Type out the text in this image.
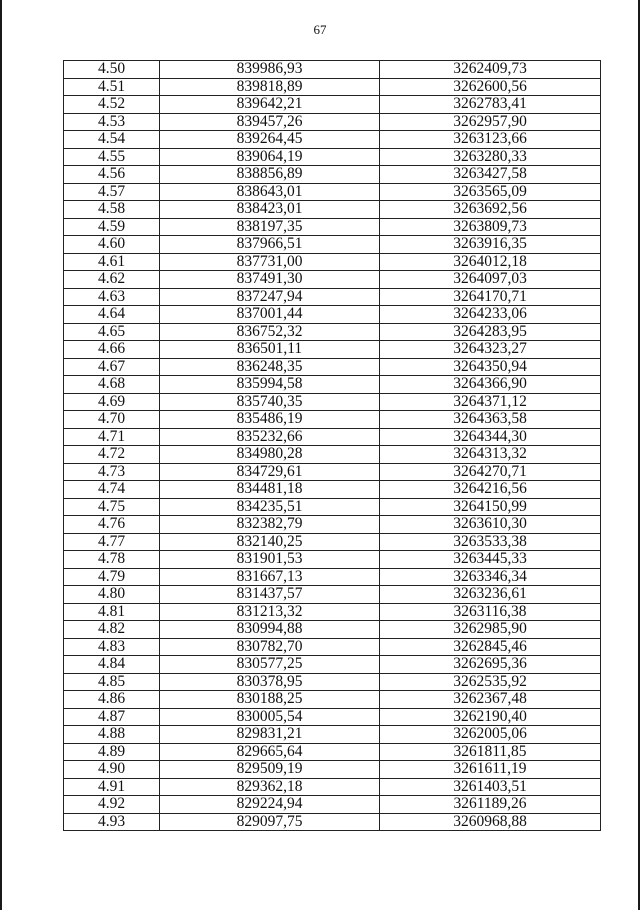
67
4.50	839986,93	3262409,73
4.51	839818,89	3262600,56
4.52	839642,21	3262783,41
4.53	839457,26	3262957,90
4.54	839264,45	3263123,66
4.55	839064,19	3263280,33
4.56	838856,89	3263427,58
4.57	838643,01	3263565,09
4.58	838423,01	3263692,56
4.59	838197,35	3263809,73
4.60	837966,51	3263916,35
4.61	837731,00	3264012,18
4.62	837491,30	3264097,03
4.63	837247,94	3264170,71
4.64	837001,44	3264233,06
4.65	836752,32	3264283,95
4.66	836501,11	3264323,27
4.67	836248,35	3264350,94
4.68	835994,58	3264366,90
4.69	835740,35	3264371,12
4.70	835486,19	3264363,58
4.71	835232,66	3264344,30
4.72	834980,28	3264313,32
4.73	834729,61	3264270,71
4.74	834481,18	3264216,56
4.75	834235,51	3264150,99
4.76	832382,79	3263610,30
4.77	832140,25	3263533,38
4.78	831901,53	3263445,33
4.79	831667,13	3263346,34
4.80	831437,57	3263236,61
4.81	831213,32	3263116,38
4.82	830994,88	3262985,90
4.83	830782,70	3262845,46
4.84	830577,25	3262695,36
4.85	830378,95	3262535,92
4.86	830188,25	3262367,48
4.87	830005,54	3262190,40
4.88	829831,21	3262005,06
4.89	829665,64	3261811,85
4.90	829509,19	3261611,19
4.91	829362,18	3261403,51
4.92	829224,94	3261189,26
4.93	829097,75	3260968,88
